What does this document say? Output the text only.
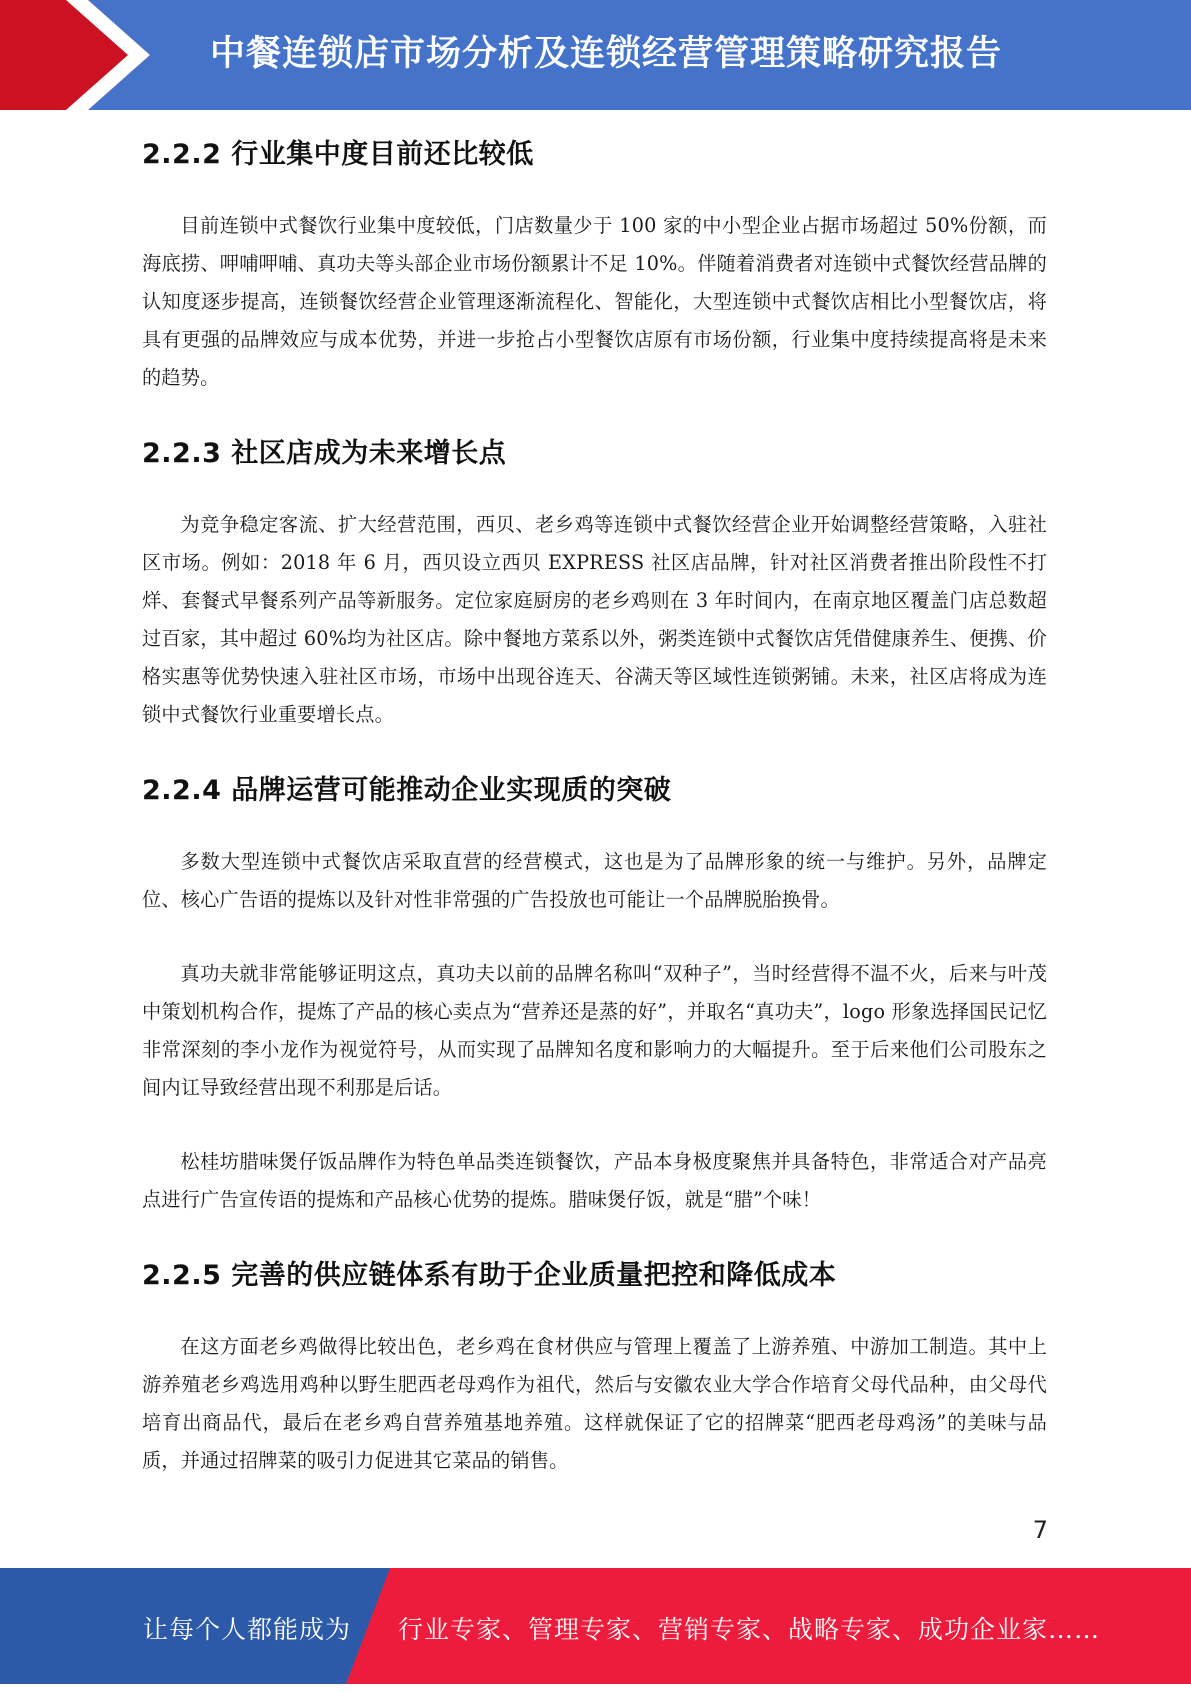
中餐连锁店市场分析及连锁经营管理策略研究报告
2.2.2 行业集中度目前还比较低

目前连锁中式餐饮行业集中度较低，门店数量少于 100 家的中小型企业占据市场超过 50%份额，而海底捞、呷哺呷哺、真功夫等头部企业市场份额累计不足 10%。伴随着消费者对连锁中式餐饮经营品牌的认知度逐步提高，连锁餐饮经营企业管理逐渐流程化、智能化，大型连锁中式餐饮店相比小型餐饮店，将具有更强的品牌效应与成本优势，并进一步抢占小型餐饮店原有市场份额，行业集中度持续提高将是未来的趋势。

2.2.3 社区店成为未来增长点

为竞争稳定客流、扩大经营范围，西贝、老乡鸡等连锁中式餐饮经营企业开始调整经营策略，入驻社区市场。例如：2018 年 6 月，西贝设立西贝 EXPRESS 社区店品牌，针对社区消费者推出阶段性不打烊、套餐式早餐系列产品等新服务。定位家庭厨房的老乡鸡则在 3 年时间内，在南京地区覆盖门店总数超过百家，其中超过 60%均为社区店。除中餐地方菜系以外，粥类连锁中式餐饮店凭借健康养生、便携、价格实惠等优势快速入驻社区市场，市场中出现谷连天、谷满天等区域性连锁粥铺。未来，社区店将成为连锁中式餐饮行业重要增长点。

2.2.4 品牌运营可能推动企业实现质的突破

多数大型连锁中式餐饮店采取直营的经营模式，这也是为了品牌形象的统一与维护。另外，品牌定位、核心广告语的提炼以及针对性非常强的广告投放也可能让一个品牌脱胎换骨。

真功夫就非常能够证明这点，真功夫以前的品牌名称叫“双种子”，当时经营得不温不火，后来与叶茂中策划机构合作，提炼了产品的核心卖点为“营养还是蒸的好”，并取名“真功夫”，logo 形象选择国民记忆非常深刻的李小龙作为视觉符号，从而实现了品牌知名度和影响力的大幅提升。至于后来他们公司股东之间内讧导致经营出现不利那是后话。

松桂坊腊味煲仔饭品牌作为特色单品类连锁餐饮，产品本身极度聚焦并具备特色，非常适合对产品亮点进行广告宣传语的提炼和产品核心优势的提炼。腊味煲仔饭，就是“腊”个味！

2.2.5 完善的供应链体系有助于企业质量把控和降低成本

在这方面老乡鸡做得比较出色，老乡鸡在食材供应与管理上覆盖了上游养殖、中游加工制造。其中上游养殖老乡鸡选用鸡种以野生肥西老母鸡作为祖代，然后与安徽农业大学合作培育父母代品种，由父母代培育出商品代，最后在老乡鸡自营养殖基地养殖。这样就保证了它的招牌菜“肥西老母鸡汤”的美味与品质，并通过招牌菜的吸引力促进其它菜品的销售。

7
让每个人都能成为 行业专家、管理专家、营销专家、战略专家、成功企业家……
